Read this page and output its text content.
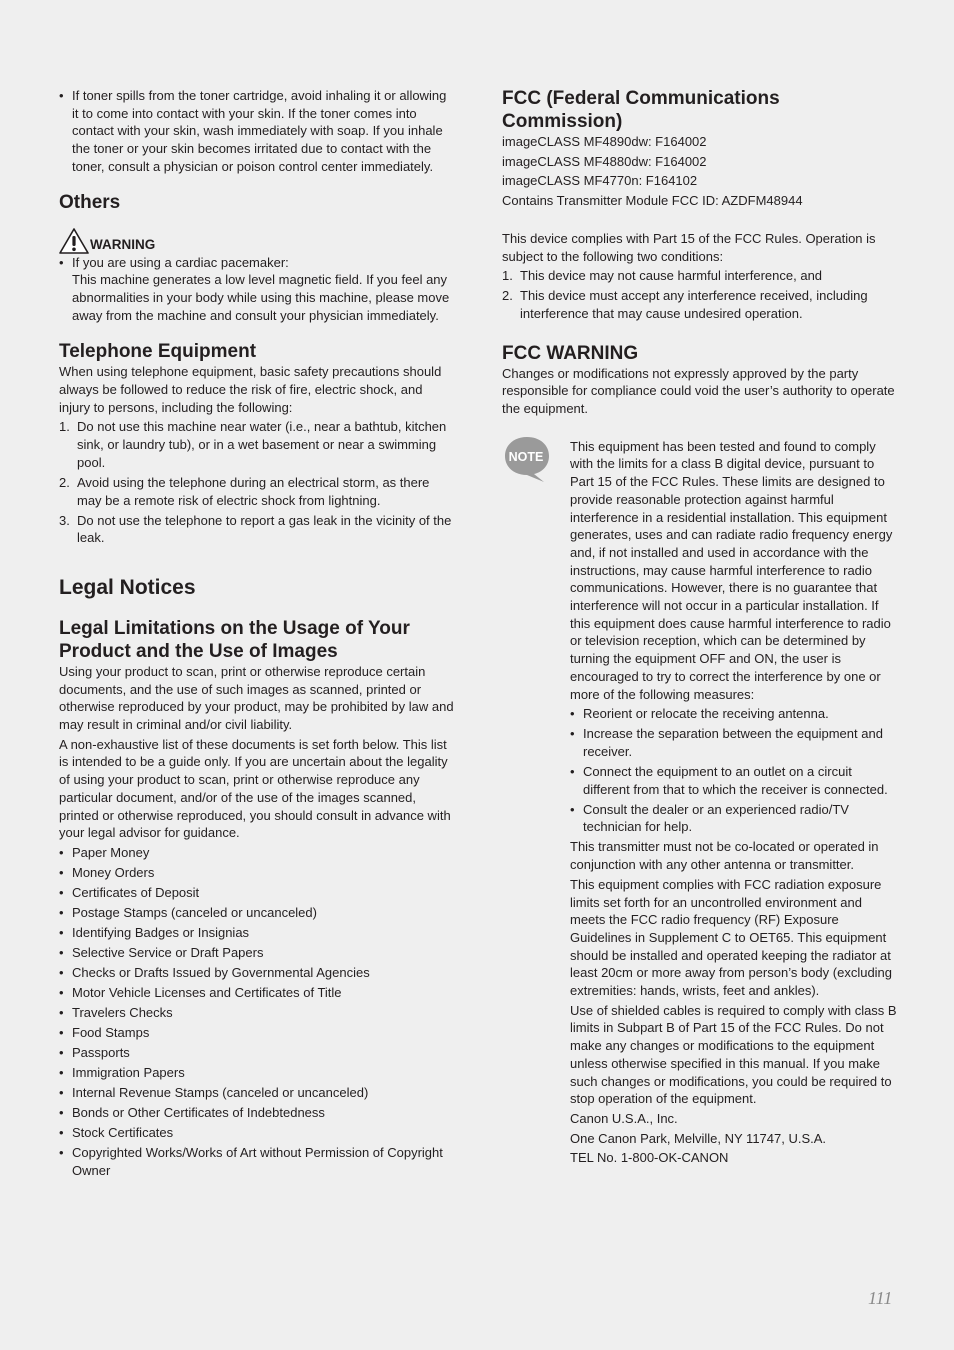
• If toner spills from the toner cartridge, avoid inhaling it or allowing it to come into contact with your skin. If the toner comes into contact with your skin, wash immediately with soap. If you inhale the toner or your skin becomes irritated due to contact with the toner, consult a physician or poison control center immediately.
Others
WARNING
• If you are using a cardiac pacemaker:
This machine generates a low level magnetic field. If you feel any abnormalities in your body while using this machine, please move away from the machine and consult your physician immediately.
Telephone Equipment

When using telephone equipment, basic safety precautions should always be followed to reduce the risk of fire, electric shock, and injury to persons, including the following:

1. Do not use this machine near water (i.e., near a bathtub, kitchen sink, or laundry tub), or in a wet basement or near a swimming pool.
2. Avoid using the telephone during an electrical storm, as there may be a remote risk of electric shock from lightning.
3. Do not use the telephone to report a gas leak in the vicinity of the leak.
Legal Notices
Legal Limitations on the Usage of Your Product and the Use of Images

Using your product to scan, print or otherwise reproduce certain documents, and the use of such images as scanned, printed or otherwise reproduced by your product, may be prohibited by law and may result in criminal and/or civil liability.

A non-exhaustive list of these documents is set forth below. This list is intended to be a guide only. If you are uncertain about the legality of using your product to scan, print or otherwise reproduce any particular document, and/or of the use of the images scanned, printed or otherwise reproduced, you should consult in advance with your legal advisor for guidance.

• Paper Money
• Money Orders
• Certificates of Deposit
• Postage Stamps (canceled or uncanceled)
• Identifying Badges or Insignias
• Selective Service or Draft Papers
• Checks or Drafts Issued by Governmental Agencies
• Motor Vehicle Licenses and Certificates of Title
• Travelers Checks
• Food Stamps
• Passports
• Immigration Papers
• Internal Revenue Stamps (canceled or uncanceled)
• Bonds or Other Certificates of Indebtedness
• Stock Certificates
• Copyrighted Works/Works of Art without Permission of Copyright Owner
FCC (Federal Communications Commission)

imageCLASS MF4890dw: F164002

imageCLASS MF4880dw: F164002

imageCLASS MF4770n: F164102

Contains Transmitter Module FCC ID: AZDFM48944

This device complies with Part 15 of the FCC Rules. Operation is subject to the following two conditions:

1. This device may not cause harmful interference, and
2. This device must accept any interference received, including interference that may cause undesired operation.
FCC WARNING

Changes or modifications not expressly approved by the party responsible for compliance could void the user’s authority to operate the equipment.

NOTE

This equipment has been tested and found to comply with the limits for a class B digital device, pursuant to Part 15 of the FCC Rules. These limits are designed to provide reasonable protection against harmful interference in a residential installation. This equipment generates, uses and can radiate radio frequency energy and, if not installed and used in accordance with the instructions, may cause harmful interference to radio communications. However, there is no guarantee that interference will not occur in a particular installation. If this equipment does cause harmful interference to radio or television reception, which can be determined by turning the equipment OFF and ON, the user is encouraged to try to correct the interference by one or more of the following measures:

• Reorient or relocate the receiving antenna.
• Increase the separation between the equipment and receiver.
• Connect the equipment to an outlet on a circuit different from that to which the receiver is connected.
• Consult the dealer or an experienced radio/TV technician for help.

This transmitter must not be co-located or operated in conjunction with any other antenna or transmitter.

This equipment complies with FCC radiation exposure limits set forth for an uncontrolled environment and meets the FCC radio frequency (RF) Exposure Guidelines in Supplement C to OET65. This equipment should be installed and operated keeping the radiator at least 20cm or more away from person’s body (excluding extremities: hands, wrists, feet and ankles).

Use of shielded cables is required to comply with class B limits in Subpart B of Part 15 of the FCC Rules. Do not make any changes or modifications to the equipment unless otherwise specified in this manual. If you make such changes or modifications, you could be required to stop operation of the equipment.

Canon U.S.A., Inc.

One Canon Park, Melville, NY 11747, U.S.A.

TEL No. 1-800-OK-CANON

111
